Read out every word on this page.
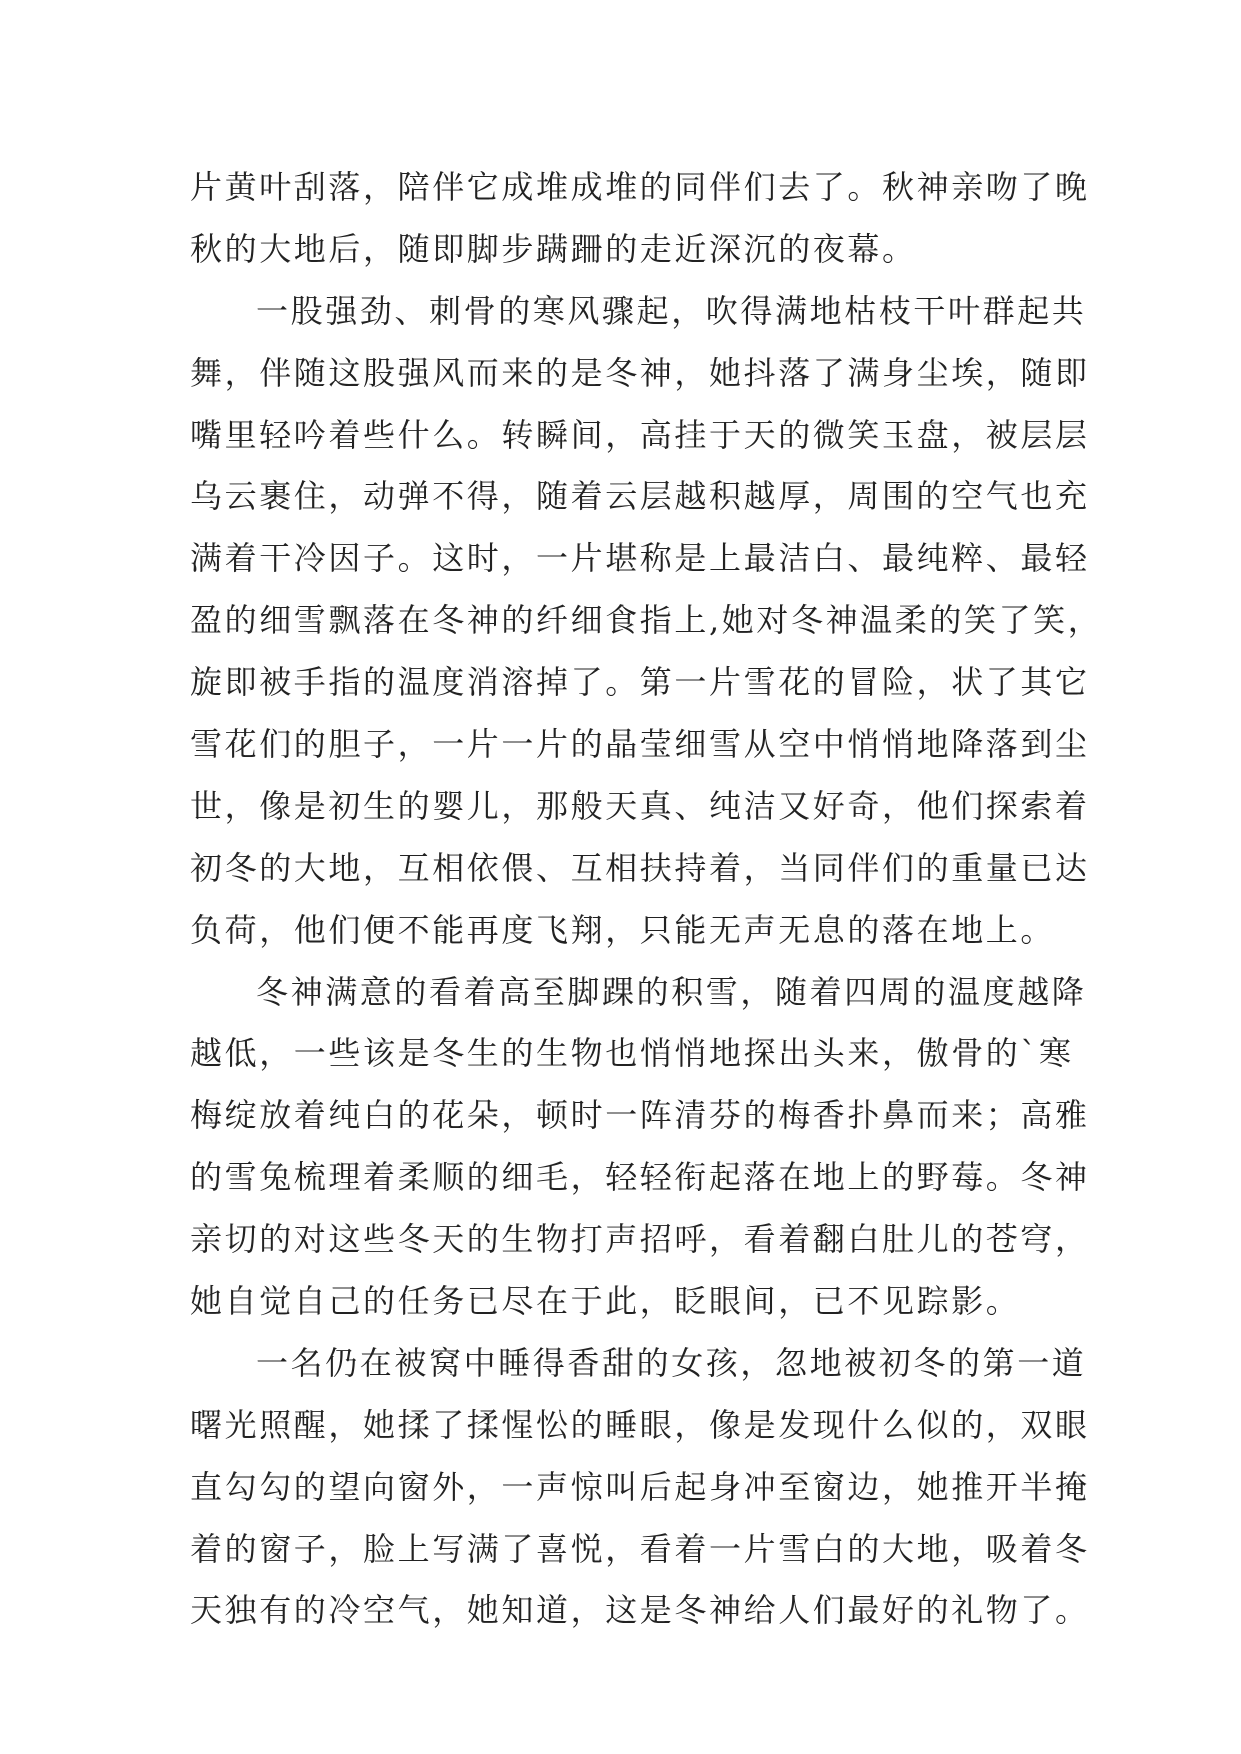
片黄叶刮落，陪伴它成堆成堆的同伴们去了。秋神亲吻了晚
秋的大地后，随即脚步蹒跚的走近深沉的夜幕。
一股强劲、刺骨的寒风骤起，吹得满地枯枝干叶群起共
舞，伴随这股强风而来的是冬神，她抖落了满身尘埃，随即
嘴里轻吟着些什么。转瞬间，高挂于天的微笑玉盘，被层层
乌云裹住，动弹不得，随着云层越积越厚，周围的空气也充
满着干冷因子。这时，一片堪称是上最洁白、最纯粹、最轻
盈的细雪飘落在冬神的纤细食指上,她对冬神温柔的笑了笑，
旋即被手指的温度消溶掉了。第一片雪花的冒险，状了其它
雪花们的胆子，一片一片的晶莹细雪从空中悄悄地降落到尘
世，像是初生的婴儿，那般天真、纯洁又好奇，他们探索着
初冬的大地，互相依偎、互相扶持着，当同伴们的重量已达
负荷，他们便不能再度飞翔，只能无声无息的落在地上。
冬神满意的看着高至脚踝的积雪，随着四周的温度越降
越低，一些该是冬生的生物也悄悄地探出头来，傲骨的`寒
梅绽放着纯白的花朵，顿时一阵清芬的梅香扑鼻而来；高雅
的雪兔梳理着柔顺的细毛，轻轻衔起落在地上的野莓。冬神
亲切的对这些冬天的生物打声招呼，看着翻白肚儿的苍穹，
她自觉自己的任务已尽在于此，眨眼间，已不见踪影。
一名仍在被窝中睡得香甜的女孩，忽地被初冬的第一道
曙光照醒，她揉了揉惺忪的睡眼，像是发现什么似的，双眼
直勾勾的望向窗外，一声惊叫后起身冲至窗边，她推开半掩
着的窗子，脸上写满了喜悦，看着一片雪白的大地，吸着冬
天独有的冷空气，她知道，这是冬神给人们最好的礼物了。
